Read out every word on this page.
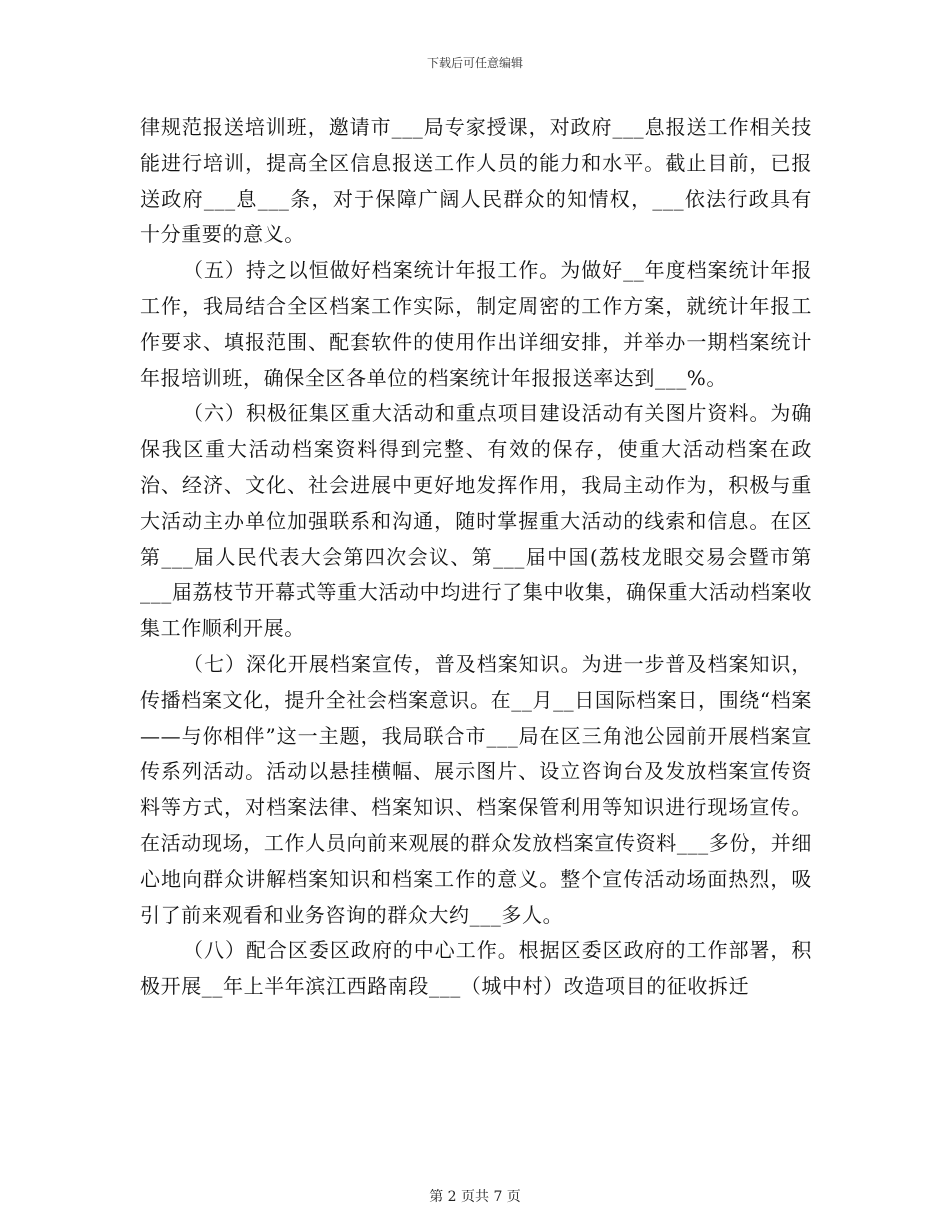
下载后可任意编辑

律规范报送培训班，邀请市___局专家授课，对政府___息报送工作相关技能进行培训，提高全区信息报送工作人员的能力和水平。截止目前，已报送政府___息___条，对于保障广阔人民群众的知情权，___依法行政具有十分重要的意义。

（五）持之以恒做好档案统计年报工作。为做好__年度档案统计年报工作，我局结合全区档案工作实际，制定周密的工作方案，就统计年报工作要求、填报范围、配套软件的使用作出详细安排，并举办一期档案统计年报培训班，确保全区各单位的档案统计年报报送率达到___%。

（六）积极征集区重大活动和重点项目建设活动有关图片资料。为确保我区重大活动档案资料得到完整、有效的保存，使重大活动档案在政治、经济、文化、社会进展中更好地发挥作用，我局主动作为，积极与重大活动主办单位加强联系和沟通，随时掌握重大活动的线索和信息。在区第___届人民代表大会第四次会议、第___届中国(荔枝龙眼交易会暨市第___届荔枝节开幕式等重大活动中均进行了集中收集，确保重大活动档案收集工作顺利开展。

（七）深化开展档案宣传，普及档案知识。为进一步普及档案知识，传播档案文化，提升全社会档案意识。在__月__日国际档案日，围绕“档案——与你相伴”这一主题，我局联合市___局在区三角池公园前开展档案宣传系列活动。活动以悬挂横幅、展示图片、设立咨询台及发放档案宣传资料等方式，对档案法律、档案知识、档案保管利用等知识进行现场宣传。在活动现场，工作人员向前来观展的群众发放档案宣传资料___多份，并细心地向群众讲解档案知识和档案工作的意义。整个宣传活动场面热烈，吸引了前来观看和业务咨询的群众大约___多人。

（八）配合区委区政府的中心工作。根据区委区政府的工作部署，积极开展__年上半年滨江西路南段___（城中村）改造项目的征收拆迁

第 2 页共 7 页
